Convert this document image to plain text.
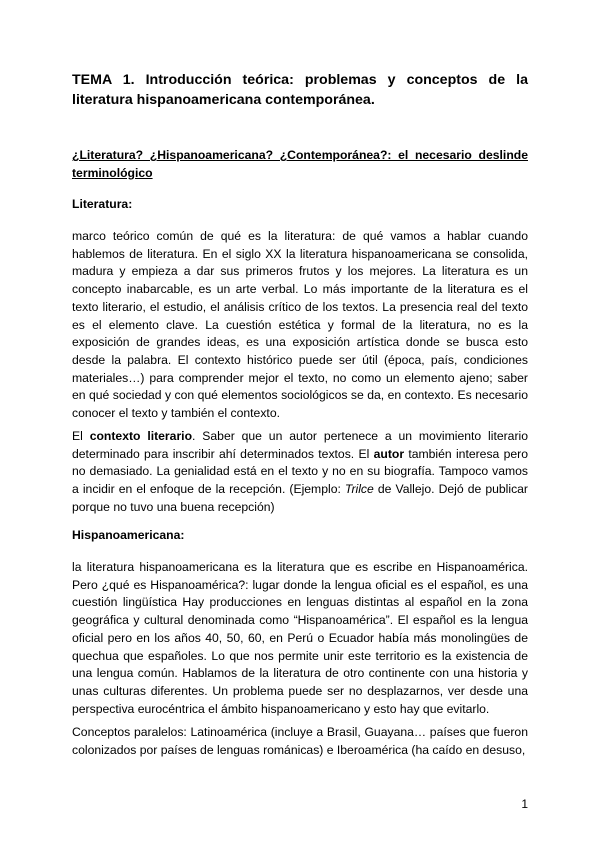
TEMA 1. Introducción teórica: problemas y conceptos de la literatura hispanoamericana contemporánea.
¿Literatura? ¿Hispanoamericana? ¿Contemporánea?: el necesario deslinde terminológico
Literatura:

marco teórico común de qué es la literatura: de qué vamos a hablar cuando hablemos de literatura. En el siglo XX la literatura hispanoamericana se consolida, madura y empieza a dar sus primeros frutos y los mejores. La literatura es un concepto inabarcable, es un arte verbal. Lo más importante de la literatura es el texto literario, el estudio, el análisis crítico de los textos. La presencia real del texto es el elemento clave. La cuestión estética y formal de la literatura, no es la exposición de grandes ideas, es una exposición artística donde se busca esto desde la palabra. El contexto histórico puede ser útil (época, país, condiciones materiales…) para comprender mejor el texto, no como un elemento ajeno; saber en qué sociedad y con qué elementos sociológicos se da, en contexto. Es necesario conocer el texto y también el contexto.

El contexto literario. Saber que un autor pertenece a un movimiento literario determinado para inscribir ahí determinados textos. El autor también interesa pero no demasiado. La genialidad está en el texto y no en su biografía. Tampoco vamos a incidir en el enfoque de la recepción. (Ejemplo: Trilce de Vallejo. Dejó de publicar porque no tuvo una buena recepción)

Hispanoamericana:

la literatura hispanoamericana es la literatura que es escribe en Hispanoamérica. Pero ¿qué es Hispanoamérica?: lugar donde la lengua oficial es el español, es una cuestión lingüística Hay producciones en lenguas distintas al español en la zona geográfica y cultural denominada como “Hispanoamérica”. El español es la lengua oficial pero en los años 40, 50, 60, en Perú o Ecuador había más monolingües de quechua que españoles. Lo que nos permite unir este territorio es la existencia de una lengua común. Hablamos de la literatura de otro continente con una historia y unas culturas diferentes. Un problema puede ser no desplazarnos, ver desde una perspectiva eurocéntrica el ámbito hispanoamericano y esto hay que evitarlo.

Conceptos paralelos: Latinoamérica (incluye a Brasil, Guayana… países que fueron colonizados por países de lenguas románicas) e Iberoamérica (ha caído en desuso,

1
